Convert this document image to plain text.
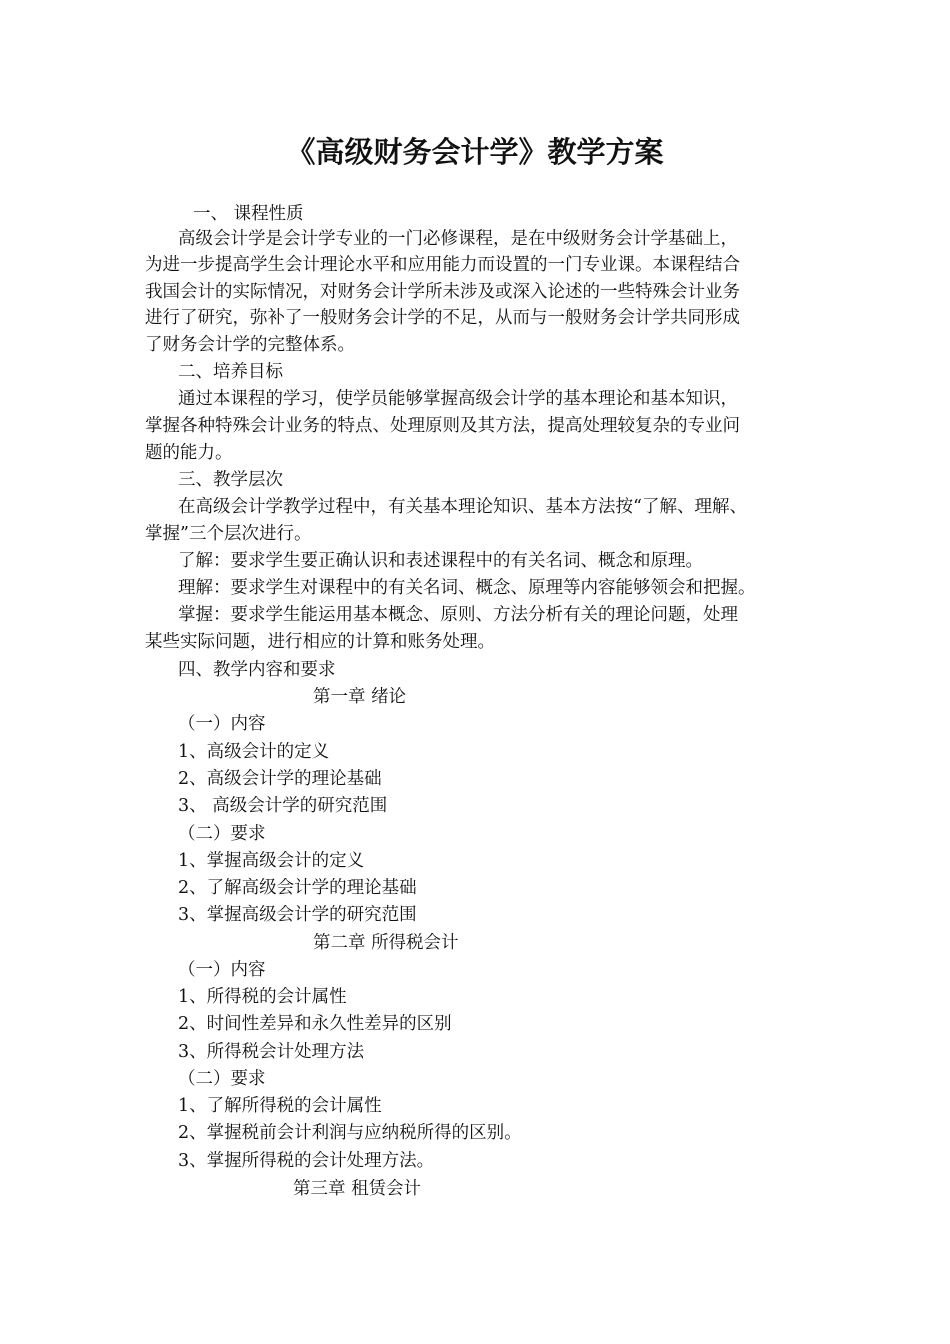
《高级财务会计学》教学方案
一、 课程性质
高级会计学是会计学专业的一门必修课程，是在中级财务会计学基础上，
为进一步提高学生会计理论水平和应用能力而设置的一门专业课。本课程结合
我国会计的实际情况，对财务会计学所未涉及或深入论述的一些特殊会计业务
进行了研究，弥补了一般财务会计学的不足，从而与一般财务会计学共同形成
了财务会计学的完整体系。
二、培养目标
通过本课程的学习，使学员能够掌握高级会计学的基本理论和基本知识，
掌握各种特殊会计业务的特点、处理原则及其方法，提高处理较复杂的专业问
题的能力。
三、教学层次
在高级会计学教学过程中，有关基本理论知识、基本方法按“了解、理解、
掌握”三个层次进行。
了解：要求学生要正确认识和表述课程中的有关名词、概念和原理。
理解：要求学生对课程中的有关名词、概念、原理等内容能够领会和把握。
掌握：要求学生能运用基本概念、原则、方法分析有关的理论问题，处理
某些实际问题，进行相应的计算和账务处理。
四、教学内容和要求
第一章 绪论
（一）内容
1、高级会计的定义
2、高级会计学的理论基础
3、 高级会计学的研究范围
（二）要求
1、掌握高级会计的定义
2、了解高级会计学的理论基础
3、掌握高级会计学的研究范围
第二章 所得税会计
（一）内容
1、所得税的会计属性
2、时间性差异和永久性差异的区别
3、所得税会计处理方法
（二）要求
1、了解所得税的会计属性
2、掌握税前会计利润与应纳税所得的区别。
3、掌握所得税的会计处理方法。
第三章 租赁会计
